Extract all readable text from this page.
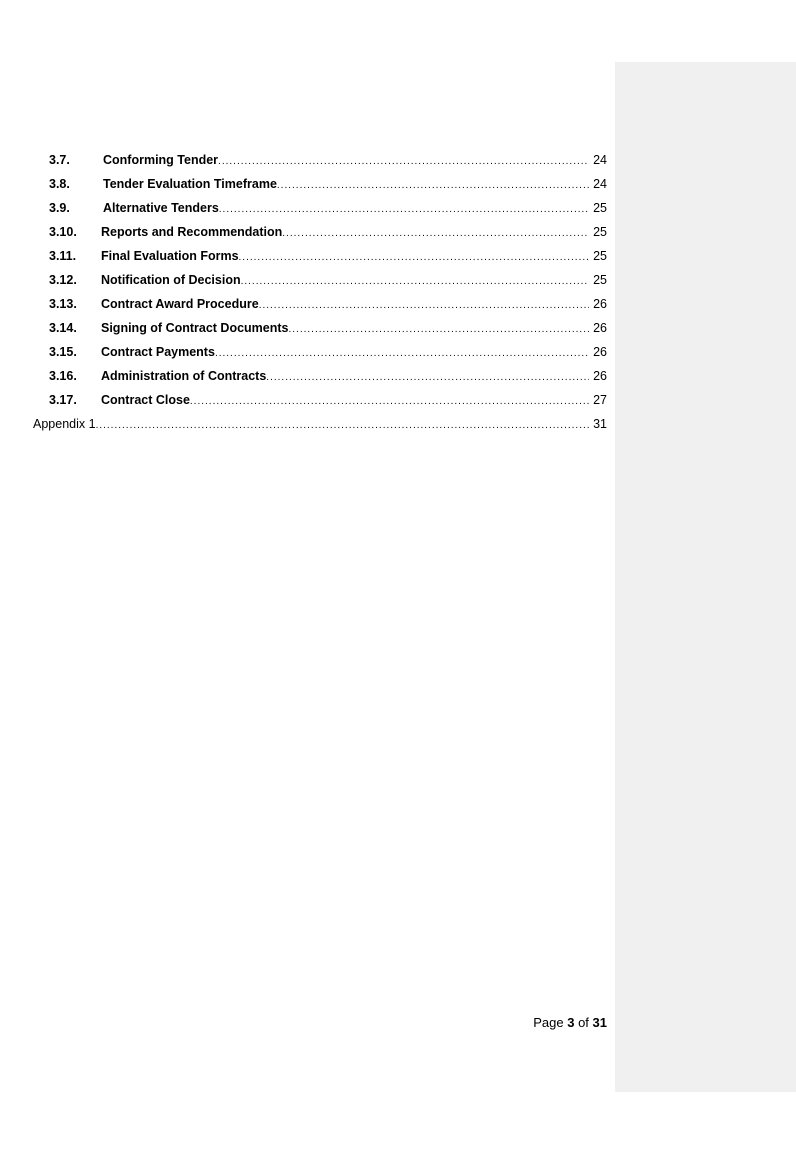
3.7.	Conforming Tender .....	24
3.8.	Tender Evaluation Timeframe .....	24
3.9.	Alternative Tenders .....	25
3.10.	Reports and Recommendation .....	25
3.11.	Final Evaluation Forms .....	25
3.12.	Notification of Decision .....	25
3.13.	Contract Award Procedure .....	26
3.14.	Signing of Contract Documents .....	26
3.15.	Contract Payments .....	26
3.16.	Administration of Contracts .....	26
3.17.	Contract Close .....	27
Appendix 1 .....	31
Page 3 of 31
